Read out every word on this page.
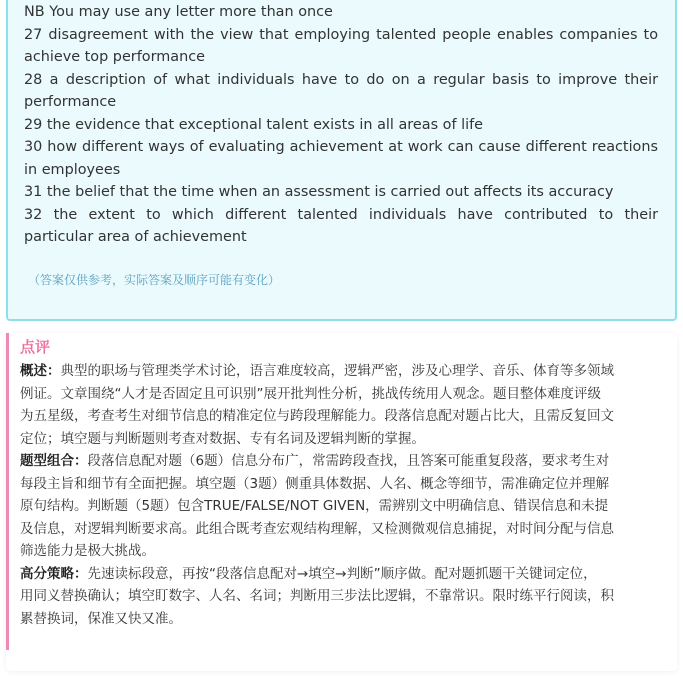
NB You may use any letter more than once
27 disagreement with the view that employing talented people enables companies to
achieve top performance
28 a description of what individuals have to do on a regular basis to improve their
performance
29 the evidence that exceptional talent exists in all areas of life
30 how different ways of evaluating achievement at work can cause different reactions
in employees
31 the belief that the time when an assessment is carried out affects its accuracy
32 the extent to which different talented individuals have contributed to their
particular area of achievement
（答案仅供参考，实际答案及顺序可能有变化）
点评
概述：典型的职场与管理类学术讨论，语言难度较高，逻辑严密，涉及心理学、音乐、体育等多领域
例证。文章围绕“人才是否固定且可识别”展开批判性分析，挑战传统用人观念。题目整体难度评级
为五星级，考查考生对细节信息的精准定位与跨段理解能力。段落信息配对题占比大，且需反复回文
定位；填空题与判断题则考查对数据、专有名词及逻辑判断的掌握。
题型组合：段落信息配对题（6题）信息分布广，常需跨段查找，且答案可能重复段落，要求考生对
每段主旨和细节有全面把握。填空题（3题）侧重具体数据、人名、概念等细节，需准确定位并理解
原句结构。判断题（5题）包含TRUE/FALSE/NOT GIVEN，需辨别文中明确信息、错误信息和未提
及信息，对逻辑判断要求高。此组合既考查宏观结构理解，又检测微观信息捕捉，对时间分配与信息
筛选能力是极大挑战。
高分策略：先速读标段意，再按“段落信息配对→填空→判断”顺序做。配对题抓题干关键词定位，
用同义替换确认；填空盯数字、人名、名词；判断用三步法比逻辑，不靠常识。限时练平行阅读，积
累替换词，保准又快又准。
